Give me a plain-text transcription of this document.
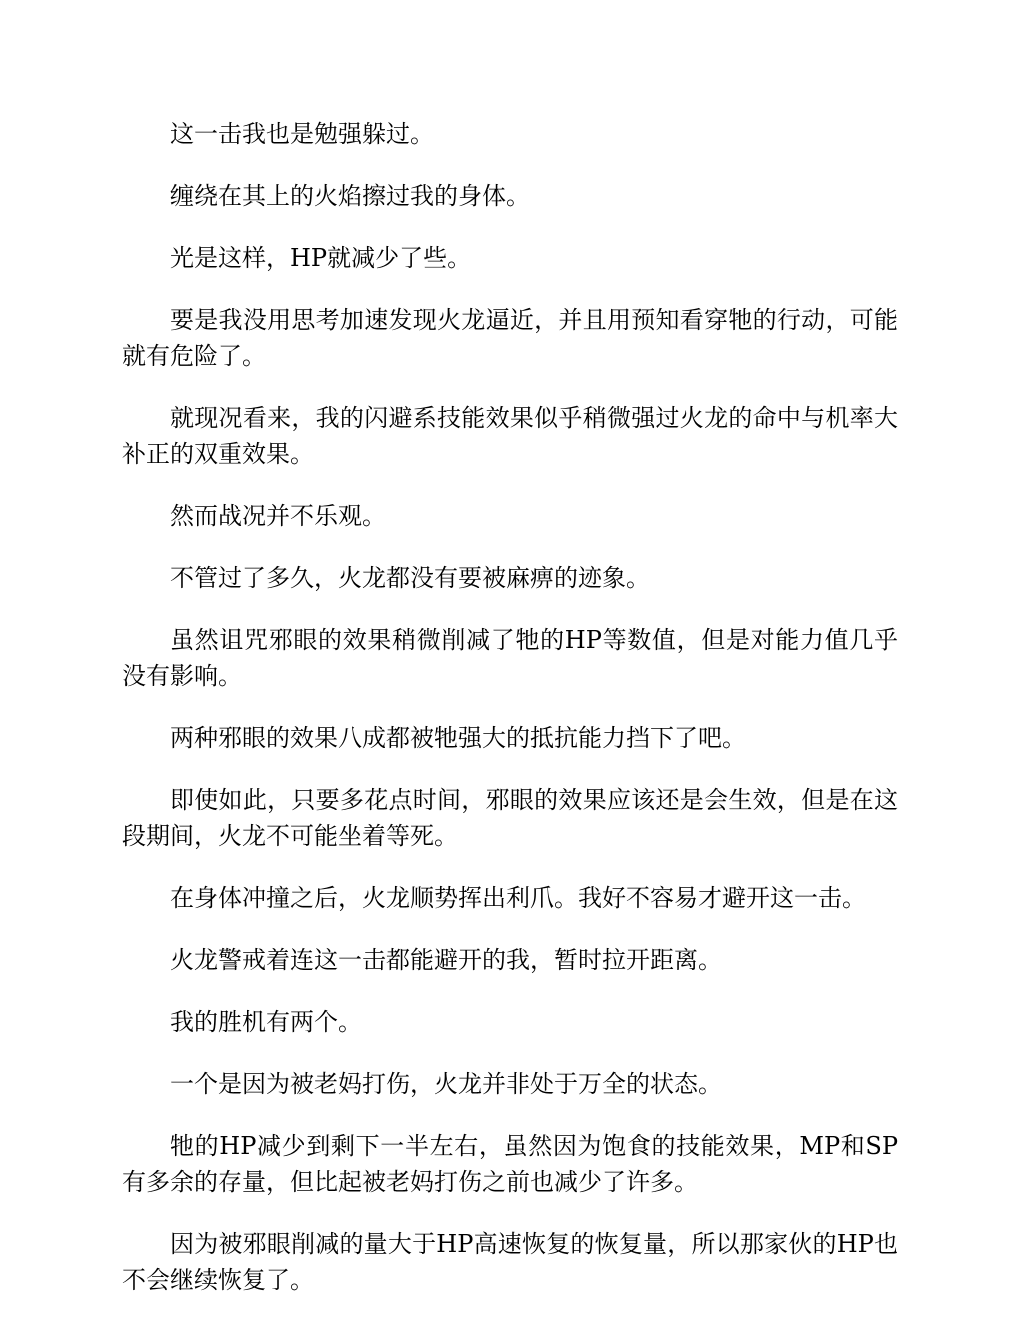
这一击我也是勉强躲过。

缠绕在其上的火焰擦过我的身体。

光是这样，HP就减少了些。

要是我没用思考加速发现火龙逼近，并且用预知看穿牠的行动，可能就有危险了。

就现况看来，我的闪避系技能效果似乎稍微强过火龙的命中与机率大补正的双重效果。

然而战况并不乐观。

不管过了多久，火龙都没有要被麻痹的迹象。

虽然诅咒邪眼的效果稍微削减了牠的HP等数值，但是对能力值几乎没有影响。

两种邪眼的效果八成都被牠强大的抵抗能力挡下了吧。

即使如此，只要多花点时间，邪眼的效果应该还是会生效，但是在这段期间，火龙不可能坐着等死。

在身体冲撞之后，火龙顺势挥出利爪。我好不容易才避开这一击。

火龙警戒着连这一击都能避开的我，暂时拉开距离。

我的胜机有两个。

一个是因为被老妈打伤，火龙并非处于万全的状态。

牠的HP减少到剩下一半左右，虽然因为饱食的技能效果，MP和SP有多余的存量，但比起被老妈打伤之前也减少了许多。

因为被邪眼削减的量大于HP高速恢复的恢复量，所以那家伙的HP也不会继续恢复了。
